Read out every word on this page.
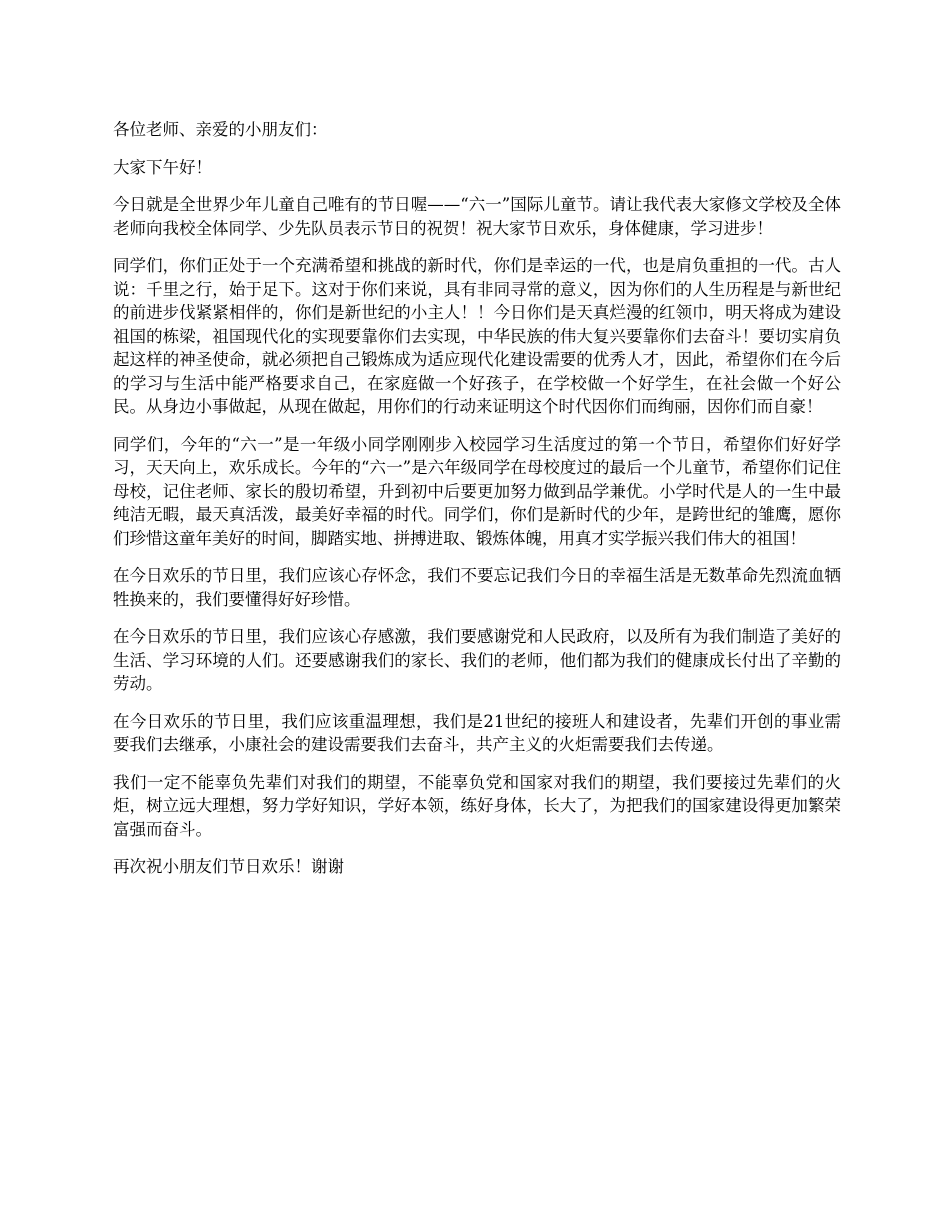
各位老师、亲爱的小朋友们：

大家下午好！

今日就是全世界少年儿童自己唯有的节日喔——“六一”国际儿童节。请让我代表大家修文学校及全体老师向我校全体同学、少先队员表示节日的祝贺！祝大家节日欢乐，身体健康，学习进步！

同学们，你们正处于一个充满希望和挑战的新时代，你们是幸运的一代，也是肩负重担的一代。古人说：千里之行，始于足下。这对于你们来说，具有非同寻常的意义，因为你们的人生历程是与新世纪的前进步伐紧紧相伴的，你们是新世纪的小主人！！今日你们是天真烂漫的红领巾，明天将成为建设祖国的栋梁，祖国现代化的实现要靠你们去实现，中华民族的伟大复兴要靠你们去奋斗！要切实肩负起这样的神圣使命，就必须把自己锻炼成为适应现代化建设需要的优秀人才，因此，希望你们在今后的学习与生活中能严格要求自己，在家庭做一个好孩子，在学校做一个好学生，在社会做一个好公民。从身边小事做起，从现在做起，用你们的行动来证明这个时代因你们而绚丽，因你们而自豪！

同学们，今年的“六一”是一年级小同学刚刚步入校园学习生活度过的第一个节日，希望你们好好学习，天天向上，欢乐成长。今年的“六一”是六年级同学在母校度过的最后一个儿童节，希望你们记住母校，记住老师、家长的殷切希望，升到初中后要更加努力做到品学兼优。小学时代是人的一生中最纯洁无暇，最天真活泼，最美好幸福的时代。同学们，你们是新时代的少年，是跨世纪的雏鹰，愿你们珍惜这童年美好的时间，脚踏实地、拼搏进取、锻炼体魄，用真才实学振兴我们伟大的祖国！

在今日欢乐的节日里，我们应该心存怀念，我们不要忘记我们今日的幸福生活是无数革命先烈流血牺牲换来的，我们要懂得好好珍惜。

在今日欢乐的节日里，我们应该心存感激，我们要感谢党和人民政府，以及所有为我们制造了美好的生活、学习环境的人们。还要感谢我们的家长、我们的老师，他们都为我们的健康成长付出了辛勤的劳动。

在今日欢乐的节日里，我们应该重温理想，我们是21世纪的接班人和建设者，先辈们开创的事业需要我们去继承，小康社会的建设需要我们去奋斗，共产主义的火炬需要我们去传递。

我们一定不能辜负先辈们对我们的期望，不能辜负党和国家对我们的期望，我们要接过先辈们的火炬，树立远大理想，努力学好知识，学好本领，练好身体，长大了，为把我们的国家建设得更加繁荣富强而奋斗。

再次祝小朋友们节日欢乐！谢谢
